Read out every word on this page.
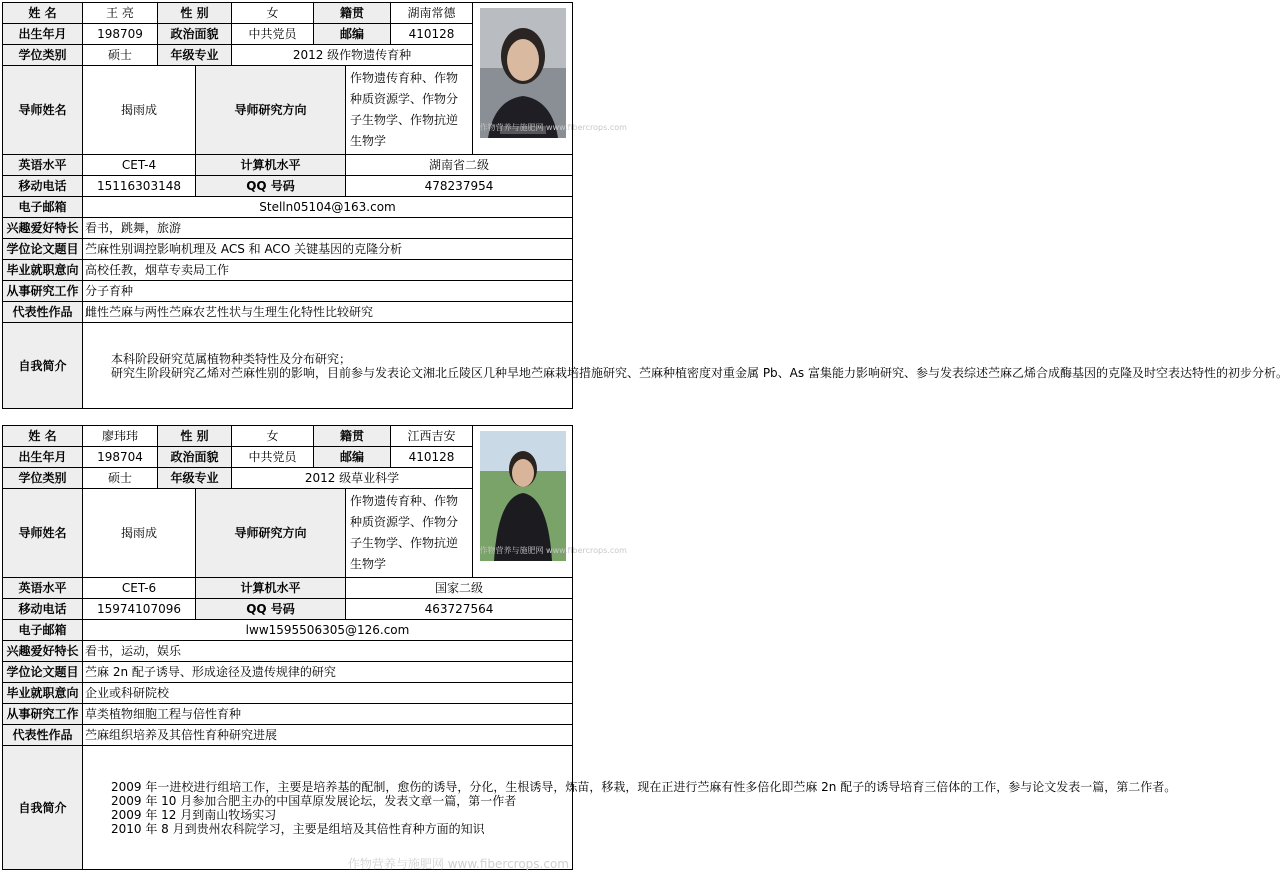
姓 名	王 亮	性 别		女	籍贯		湖南常德	作物营养与施肥网 www.fibercrops.com

出生年月	198709	政治面貌		中共党员	邮编		410128	
学位类别	硕士	年级专业		2012 级作物遗传育种				
导师姓名	揭雨成		导师研究方向			作物遗传育种、作物种质资源学、作物分子生物学、作物抗逆生物学		

英语水平	CET-4		计算机水平			湖南省二级		
移动电话	15116303148		QQ 号码			478237954		
电子邮箱	Stelln05104@163.com							
兴趣爱好特长	看书，跳舞，旅游							
学位论文题目	苎麻性别调控影响机理及 ACS 和 ACO 关键基因的克隆分析							
毕业就职意向	高校任教，烟草专卖局工作							
从事研究工作	分子育种							
代表性作品	雌性苎麻与两性苎麻农艺性状与生理生化特性比较研究							
自我简介	本科阶段研究苋属植物种类特性及分布研究；

研究生阶段研究乙烯对苎麻性别的影响，目前参与发表论文湘北丘陵区几种旱地苎麻栽培措施研究、苎麻种植密度对重金属 Pb、As 富集能力影响研究、参与发表综述苎麻乙烯合成酶基因的克隆及时空表达特性的初步分析。							

姓 名	廖玮玮	性 别		女	籍贯		江西吉安	作物营养与施肥网 www.fibercrops.com

出生年月	198704	政治面貌		中共党员	邮编		410128	
学位类别	硕士	年级专业		2012 级草业科学				
导师姓名	揭雨成		导师研究方向			作物遗传育种、作物种质资源学、作物分子生物学、作物抗逆生物学		

英语水平	CET-6		计算机水平			国家二级		
移动电话	15974107096		QQ 号码			463727564		
电子邮箱	lww1595506305@126.com							
兴趣爱好特长	看书，运动，娱乐							
学位论文题目	苎麻 2n 配子诱导、形成途径及遗传规律的研究							
毕业就职意向	企业或科研院校							
从事研究工作	草类植物细胞工程与倍性育种							
代表性作品	苎麻组织培养及其倍性育种研究进展							
自我简介	2009 年一进校进行组培工作，主要是培养基的配制，愈伤的诱导，分化，生根诱导，炼苗，移栽，现在正进行苎麻有性多倍化即苎麻 2n 配子的诱导培育三倍体的工作，参与论文发表一篇，第二作者。

2009 年 10 月参加合肥主办的中国草原发展论坛，发表文章一篇，第一作者

2009 年 12 月到南山牧场实习

2010 年 8 月到贵州农科院学习，主要是组培及其倍性育种方面的知识							

作物营养与施肥网 www.fibercrops.com
